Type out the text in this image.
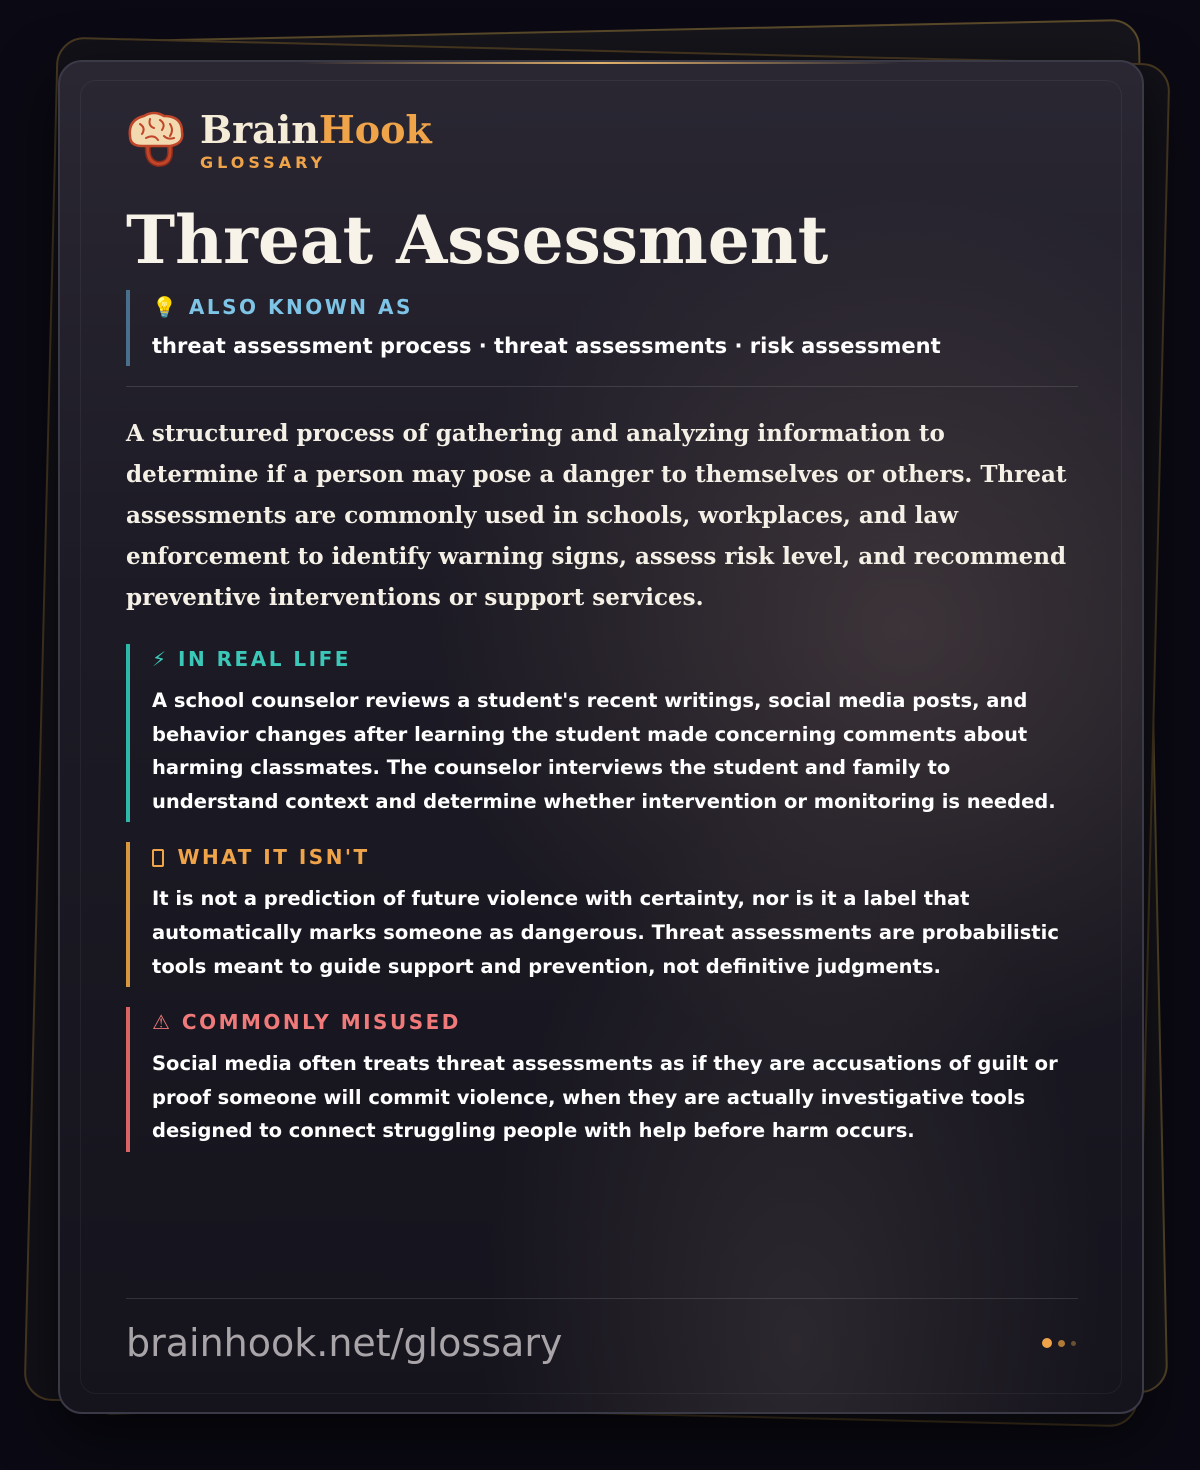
BrainHook
GLOSSARY
Threat Assessment
💡 ALSO KNOWN AS
threat assessment process · threat assessments · risk assessment

A structured process of gathering and analyzing information to determine if a person may pose a danger to themselves or others. Threat assessments are commonly used in schools, workplaces, and law enforcement to identify warning signs, assess risk level, and recommend preventive interventions or support services.

⚡ IN REAL LIFE
A school counselor reviews a student's recent writings, social media posts, and behavior changes after learning the student made concerning comments about harming classmates. The counselor interviews the student and family to understand context and determine whether intervention or monitoring is needed.
WHAT IT ISN'T
It is not a prediction of future violence with certainty, nor is it a label that automatically marks someone as dangerous. Threat assessments are probabilistic tools meant to guide support and prevention, not definitive judgments.
⚠ COMMONLY MISUSED
Social media often treats threat assessments as if they are accusations of guilt or proof someone will commit violence, when they are actually investigative tools designed to connect struggling people with help before harm occurs.
brainhook.net/glossary
